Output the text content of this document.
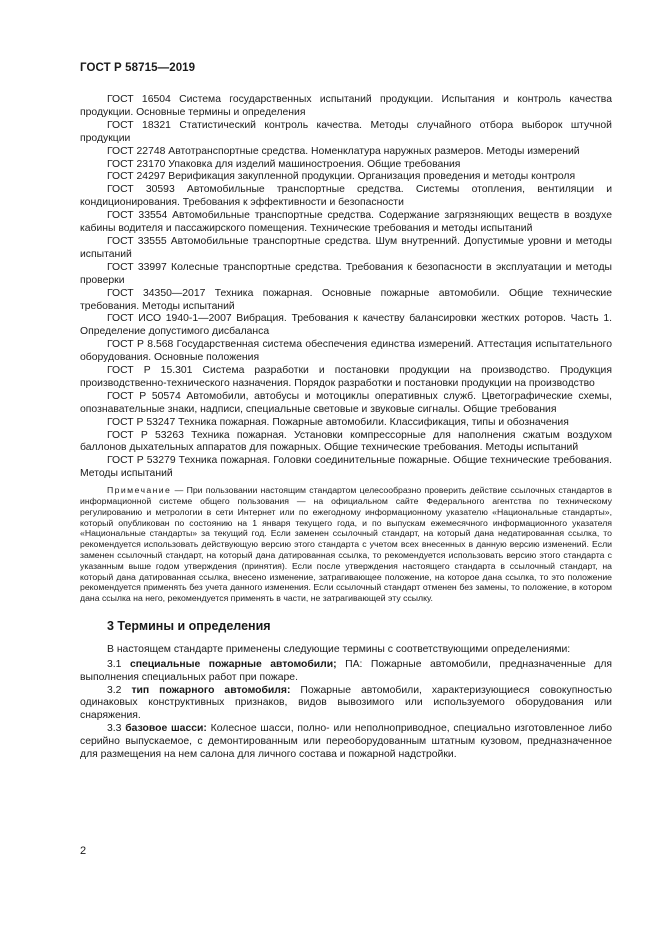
ГОСТ Р 58715—2019

ГОСТ 16504 Система государственных испытаний продукции. Испытания и контроль качества продукции. Основные термины и определения

ГОСТ 18321 Статистический контроль качества. Методы случайного отбора выборок штучной продукции

ГОСТ 22748 Автотранспортные средства. Номенклатура наружных размеров. Методы измерений

ГОСТ 23170 Упаковка для изделий машиностроения. Общие требования

ГОСТ 24297 Верификация закупленной продукции. Организация проведения и методы контроля

ГОСТ 30593 Автомобильные транспортные средства. Системы отопления, вентиляции и кондиционирования. Требования к эффективности и безопасности

ГОСТ 33554 Автомобильные транспортные средства. Содержание загрязняющих веществ в воздухе кабины водителя и пассажирского помещения. Технические требования и методы испытаний

ГОСТ 33555 Автомобильные транспортные средства. Шум внутренний. Допустимые уровни и методы испытаний

ГОСТ 33997 Колесные транспортные средства. Требования к безопасности в эксплуатации и методы проверки

ГОСТ 34350—2017 Техника пожарная. Основные пожарные автомобили. Общие технические требования. Методы испытаний

ГОСТ ИСО 1940-1—2007 Вибрация. Требования к качеству балансировки жестких роторов. Часть 1. Определение допустимого дисбаланса

ГОСТ Р 8.568 Государственная система обеспечения единства измерений. Аттестация испытательного оборудования. Основные положения

ГОСТ Р 15.301 Система разработки и постановки продукции на производство. Продукция производственно-технического назначения. Порядок разработки и постановки продукции на производство

ГОСТ Р 50574 Автомобили, автобусы и мотоциклы оперативных служб. Цветографические схемы, опознавательные знаки, надписи, специальные световые и звуковые сигналы. Общие требования

ГОСТ Р 53247 Техника пожарная. Пожарные автомобили. Классификация, типы и обозначения

ГОСТ Р 53263 Техника пожарная. Установки компрессорные для наполнения сжатым воздухом баллонов дыхательных аппаратов для пожарных. Общие технические требования. Методы испытаний

ГОСТ Р 53279 Техника пожарная. Головки соединительные пожарные. Общие технические требования. Методы испытаний

Примечание — При пользовании настоящим стандартом целесообразно проверить действие ссылочных стандартов в информационной системе общего пользования — на официальном сайте Федерального агентства по техническому регулированию и метрологии в сети Интернет или по ежегодному информационному указателю «Национальные стандарты», который опубликован по состоянию на 1 января текущего года, и по выпускам ежемесячного информационного указателя «Национальные стандарты» за текущий год. Если заменен ссылочный стандарт, на который дана недатированная ссылка, то рекомендуется использовать действующую версию этого стандарта с учетом всех внесенных в данную версию изменений. Если заменен ссылочный стандарт, на который дана датированная ссылка, то рекомендуется использовать версию этого стандарта с указанным выше годом утверждения (принятия). Если после утверждения настоящего стандарта в ссылочный стандарт, на который дана датированная ссылка, внесено изменение, затрагивающее положение, на которое дана ссылка, то это положение рекомендуется применять без учета данного изменения. Если ссылочный стандарт отменен без замены, то положение, в котором дана ссылка на него, рекомендуется применять в части, не затрагивающей эту ссылку.

3 Термины и определения

В настоящем стандарте применены следующие термины с соответствующими определениями:

3.1 специальные пожарные автомобили; ПА: Пожарные автомобили, предназначенные для выполнения специальных работ при пожаре.

3.2 тип пожарного автомобиля: Пожарные автомобили, характеризующиеся совокупностью одинаковых конструктивных признаков, видов вывозимого или используемого оборудования или снаряжения.

3.3 базовое шасси: Колесное шасси, полно- или неполноприводное, специально изготовленное либо серийно выпускаемое, с демонтированным или переоборудованным штатным кузовом, предназначенное для размещения на нем салона для личного состава и пожарной надстройки.

2
